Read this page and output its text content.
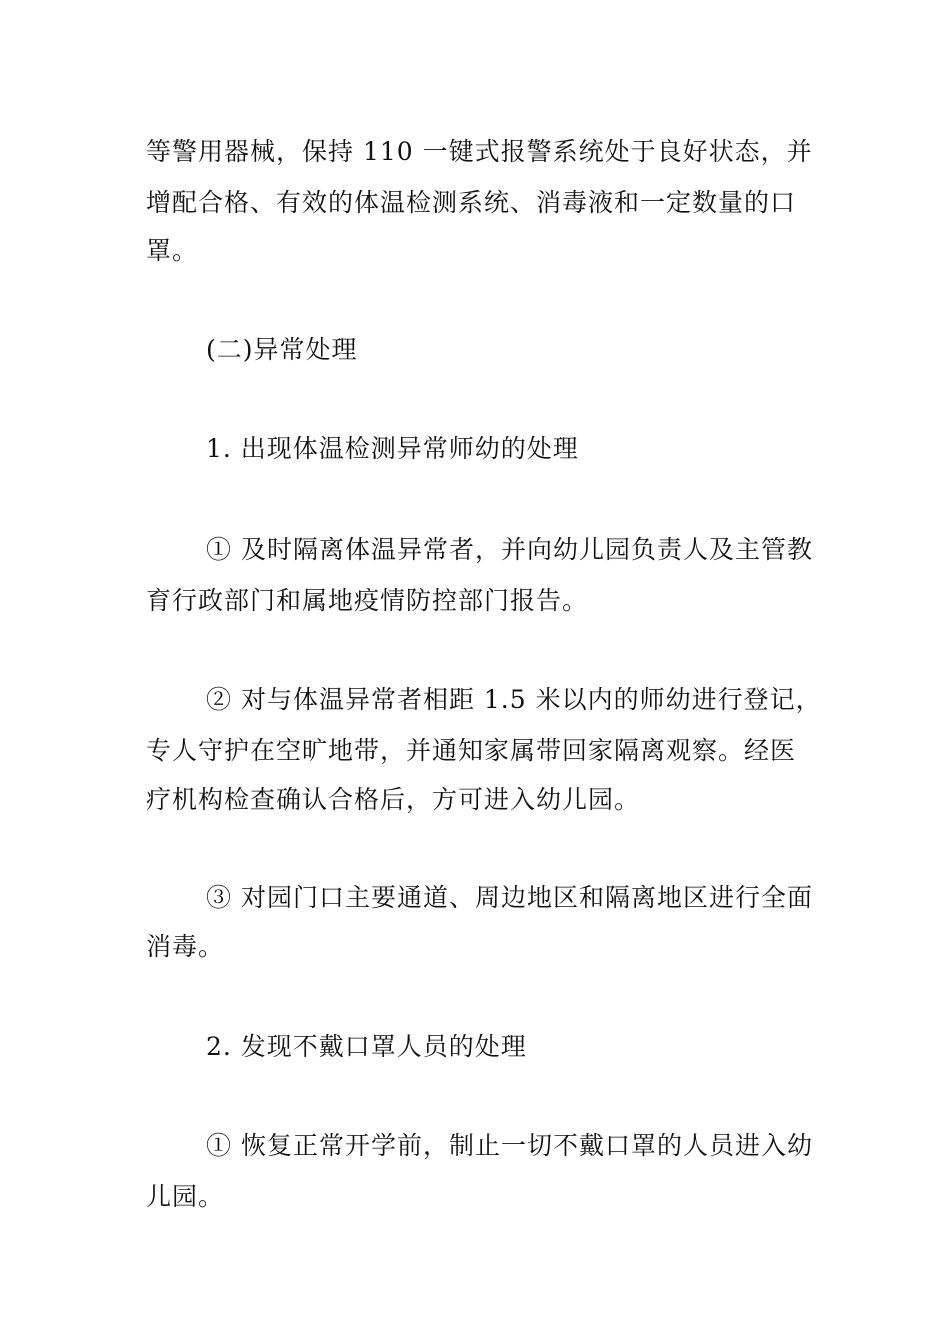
等警用器械，保持 110 一键式报警系统处于良好状态，并
增配合格、有效的体温检测系统、消毒液和一定数量的口
罩。
(二)异常处理
1. 出现体温检测异常师幼的处理
① 及时隔离体温异常者，并向幼儿园负责人及主管教
育行政部门和属地疫情防控部门报告。
② 对与体温异常者相距 1.5 米以内的师幼进行登记，
专人守护在空旷地带，并通知家属带回家隔离观察。经医
疗机构检查确认合格后，方可进入幼儿园。
③ 对园门口主要通道、周边地区和隔离地区进行全面
消毒。
2. 发现不戴口罩人员的处理
① 恢复正常开学前，制止一切不戴口罩的人员进入幼
儿园。
